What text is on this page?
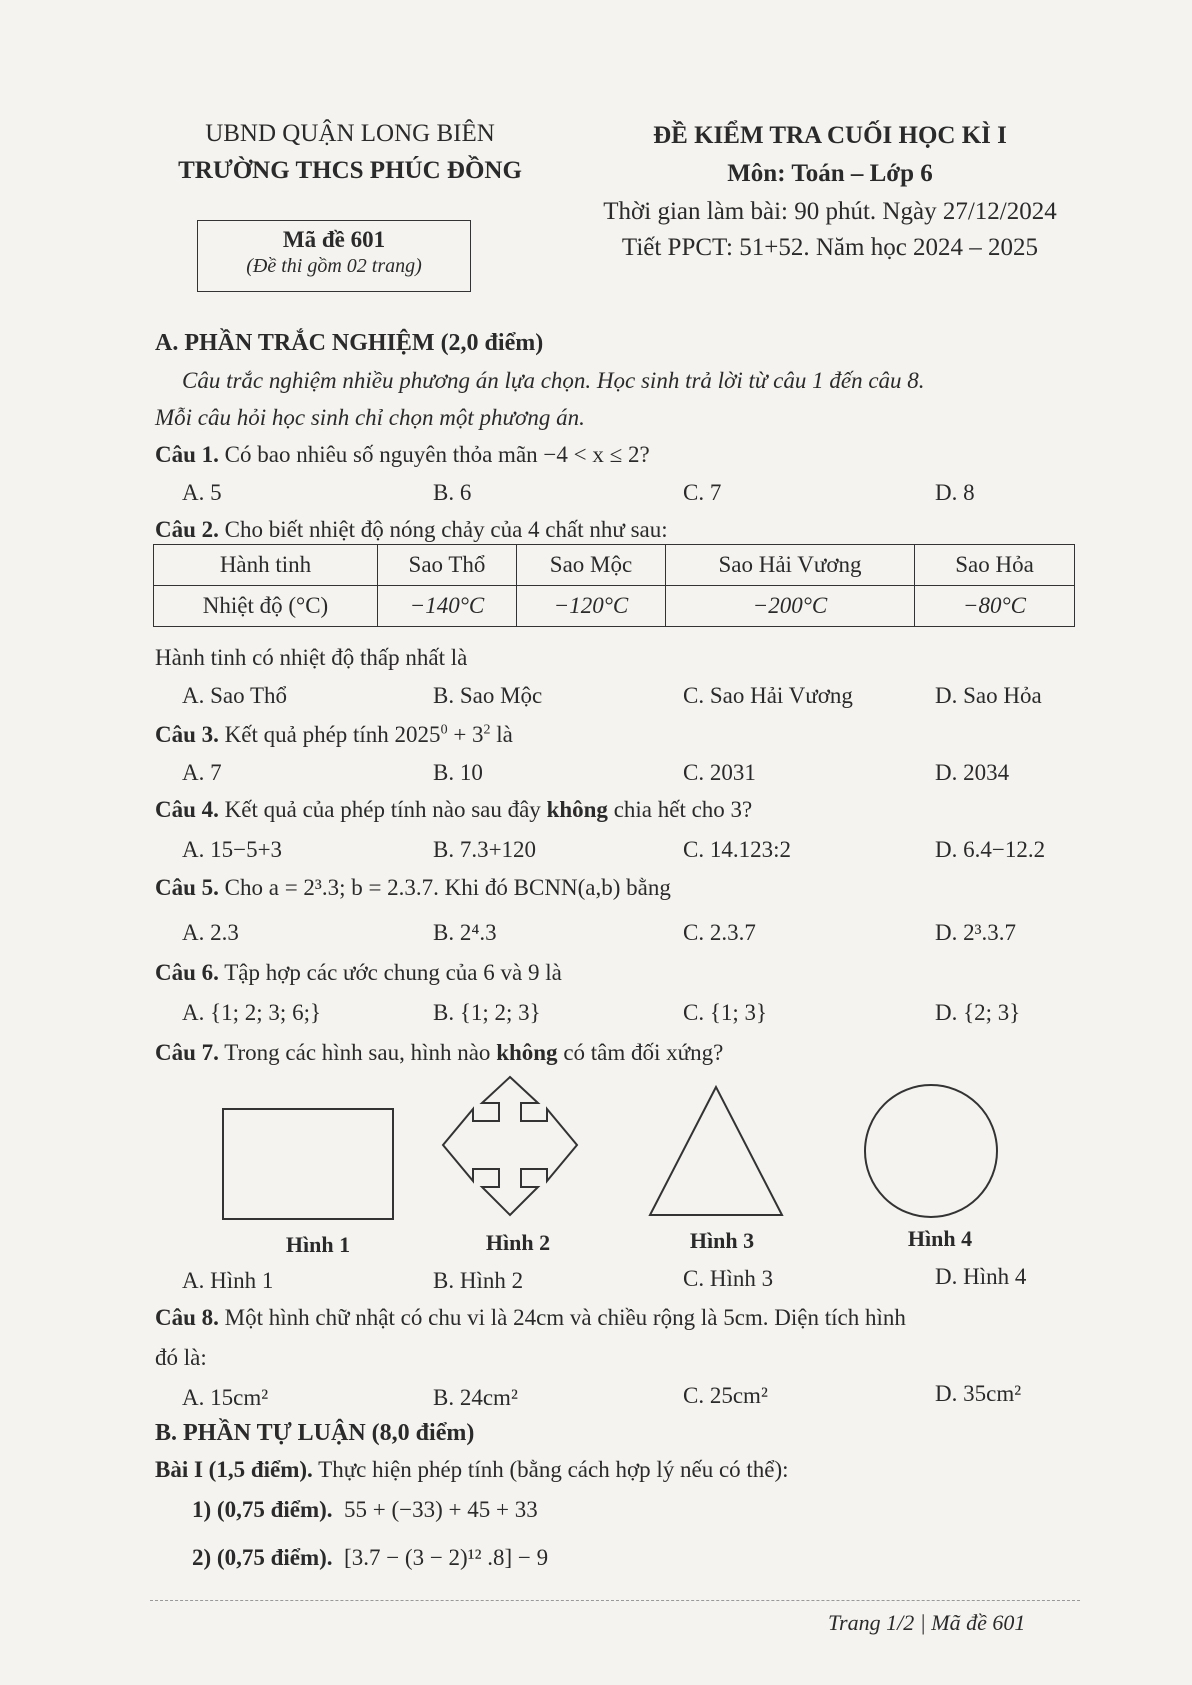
UBND QUẬN LONG BIÊN
TRƯỜNG THCS PHÚC ĐỒNG
Mã đề 601
(Đề thi gồm 02 trang)
ĐỀ KIỂM TRA CUỐI HỌC KÌ I
Môn: Toán – Lớp 6
Thời gian làm bài: 90 phút. Ngày 27/12/2024
Tiết PPCT: 51+52. Năm học 2024 – 2025
A. PHẦN TRẮC NGHIỆM (2,0 điểm)
Câu trắc nghiệm nhiều phương án lựa chọn. Học sinh trả lời từ câu 1 đến câu 8.
Mỗi câu hỏi học sinh chỉ chọn một phương án.
Câu 1. Có bao nhiêu số nguyên thỏa mãn −4 < x ≤ 2?
A. 5	B. 6	C. 7	D. 8
Câu 2. Cho biết nhiệt độ nóng chảy của 4 chất như sau:
Hành tinh	Sao Thổ	Sao Mộc	Sao Hải Vương	Sao Hỏa
Nhiệt độ (°C)	−140°C	−120°C	−200°C	−80°C
Hành tinh có nhiệt độ thấp nhất là
A. Sao Thổ	B. Sao Mộc	C. Sao Hải Vương	D. Sao Hỏa
Câu 3. Kết quả phép tính $2025^0 + 3^2$ là
A. 7	B. 10	C. 2031	D. 2034
Câu 4. Kết quả của phép tính nào sau đây không chia hết cho 3?
A. 15−5+3	B. 7.3+120	C. 14.123:2	D. 6.4−12.2
Câu 5. Cho a = 2³.3; b = 2.3.7. Khi đó BCNN(a,b) bằng
A. 2.3	B. 2⁴.3	C. 2.3.7	D. 2³.3.7
Câu 6. Tập hợp các ước chung của 6 và 9 là
A. {1; 2; 3; 6;}	B. {1; 2; 3}	C. {1; 3}	D. {2; 3}
Câu 7. Trong các hình sau, hình nào không có tâm đối xứng?
Hình 1	Hình 2	Hình 3	Hình 4
A. Hình 1	B. Hình 2	C. Hình 3	D. Hình 4
Câu 8. Một hình chữ nhật có chu vi là 24cm và chiều rộng là 5cm. Diện tích hình
đó là:
A. 15cm²	B. 24cm²	C. 25cm²	D. 35cm²
B. PHẦN TỰ LUẬN (8,0 điểm)
Bài I (1,5 điểm). Thực hiện phép tính (bằng cách hợp lý nếu có thể):
1) (0,75 điểm). 55 + (−33) + 45 + 33
2) (0,75 điểm). [3.7 − (3 − 2)¹² .8] − 9
Trang 1/2 | Mã đề 601
